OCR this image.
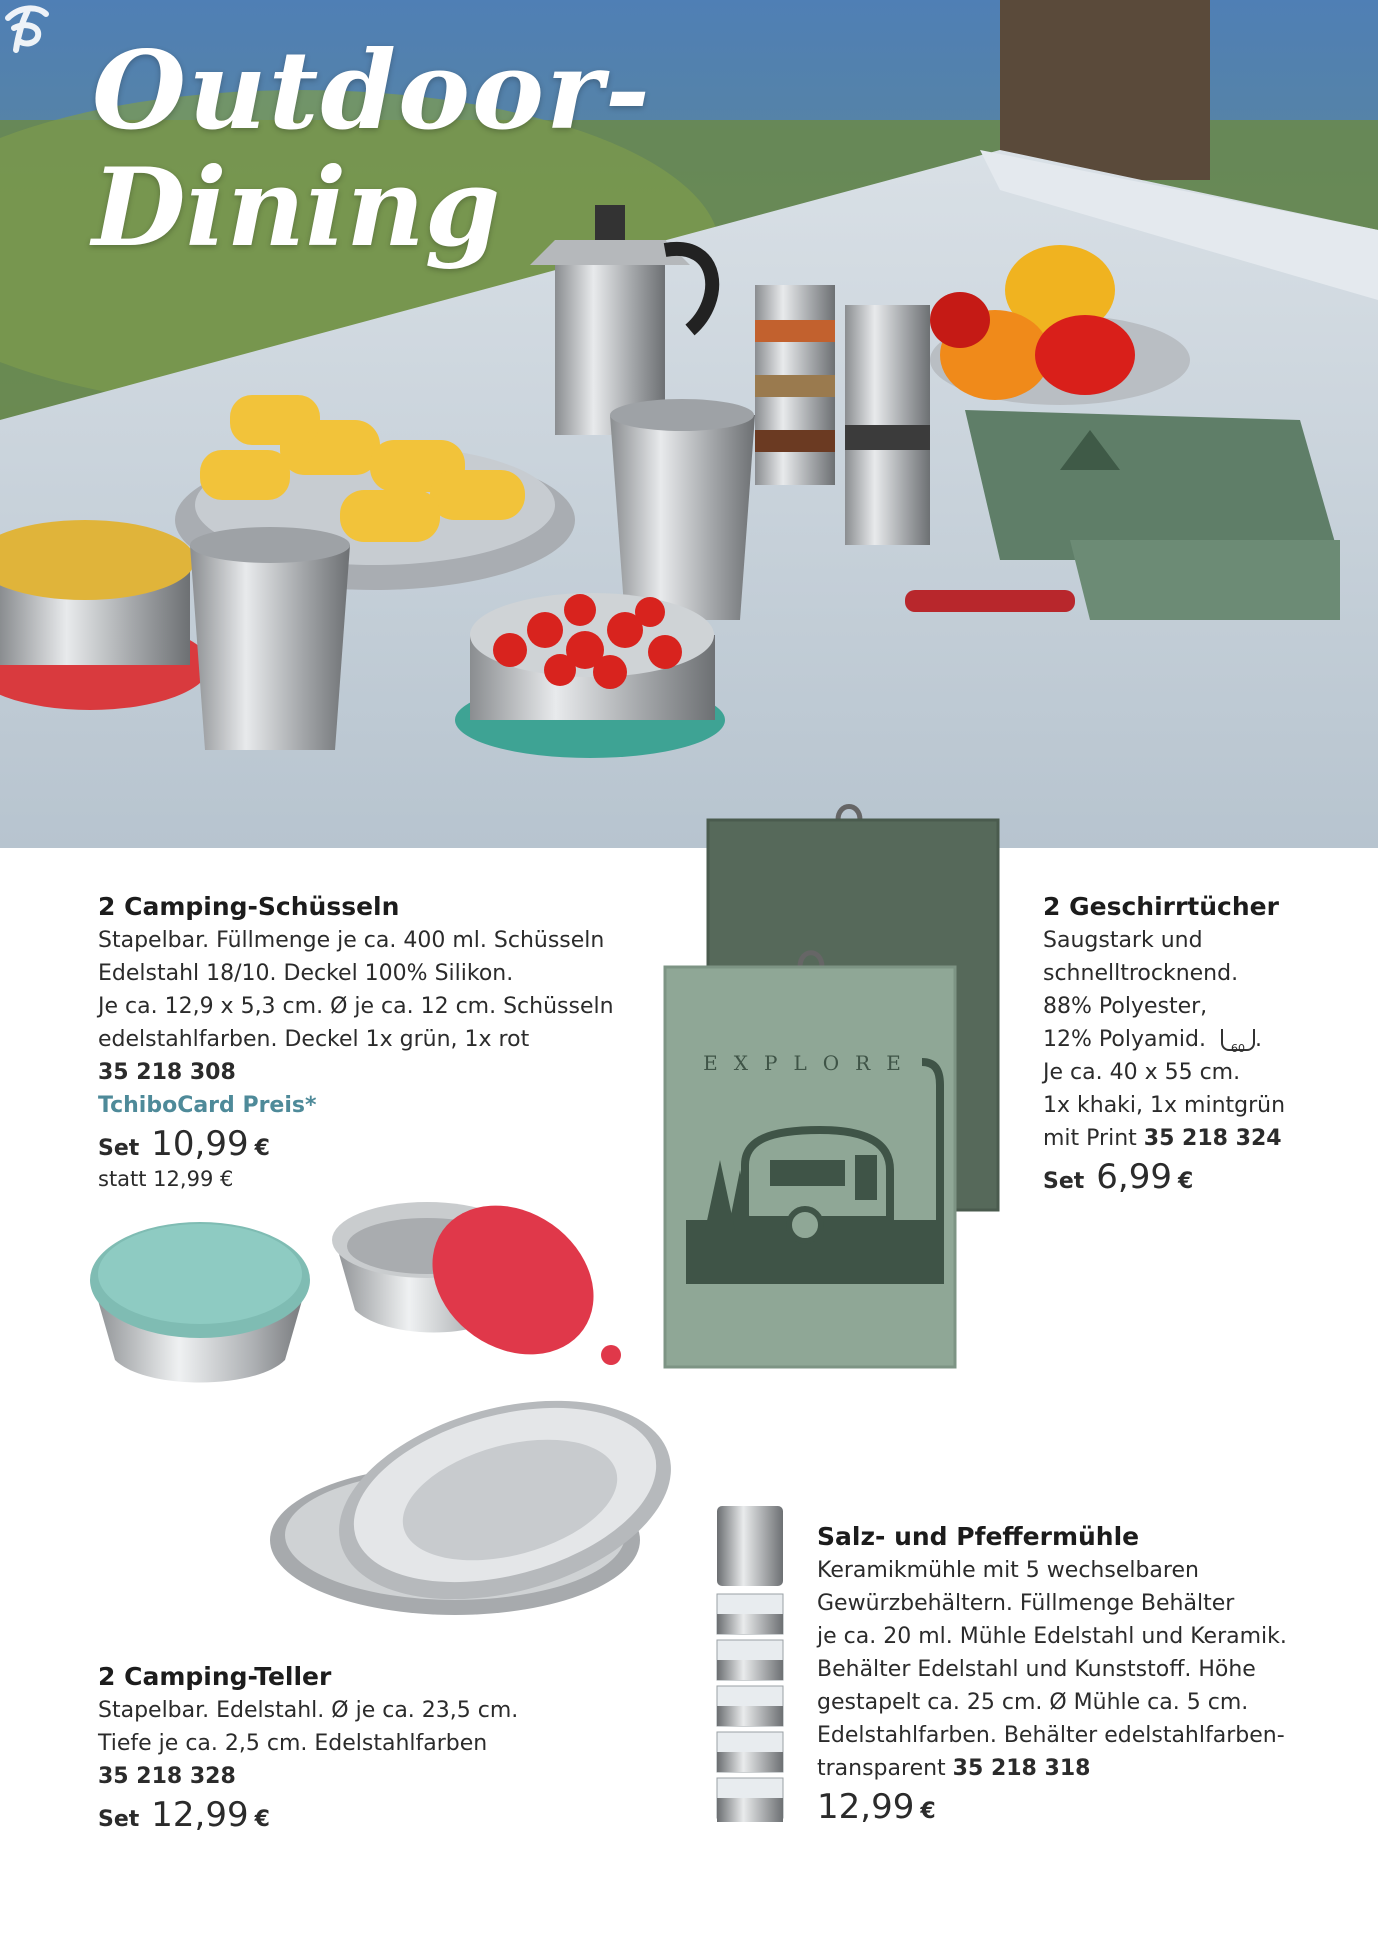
Outdoor-
Dining
2 Camping-Schüsseln
Stapelbar. Füllmenge je ca. 400 ml. Schüsseln
Edelstahl 18/10. Deckel 100% Silikon.
Je ca. 12,9 x 5,3 cm. Ø je ca. 12 cm. Schüsseln
edelstahlfarben. Deckel 1x grün, 1x rot
35 218 308
TchiboCard Preis*
Set 10,99 €
statt 12,99 €
2 Geschirrtücher
Saugstark und
schnelltrocknend.
88% Polyester,
12% Polyamid. 60 .
Je ca. 40 x 55 cm.
1x khaki, 1x mintgrün
mit Print 35 218 324
Set 6,99 €
EXPLORE
2 Camping-Teller
Stapelbar. Edelstahl. Ø je ca. 23,5 cm.
Tiefe je ca. 2,5 cm. Edelstahlfarben
35 218 328
Set 12,99 €
Salz- und Pfeffermühle
Keramikmühle mit 5 wechselbaren
Gewürzbehältern. Füllmenge Behälter
je ca. 20 ml. Mühle Edelstahl und Keramik.
Behälter Edelstahl und Kunststoff. Höhe
gestapelt ca. 25 cm. Ø Mühle ca. 5 cm.
Edelstahlfarben. Behälter edelstahlfarben-
transparent 35 218 318
12,99 €
